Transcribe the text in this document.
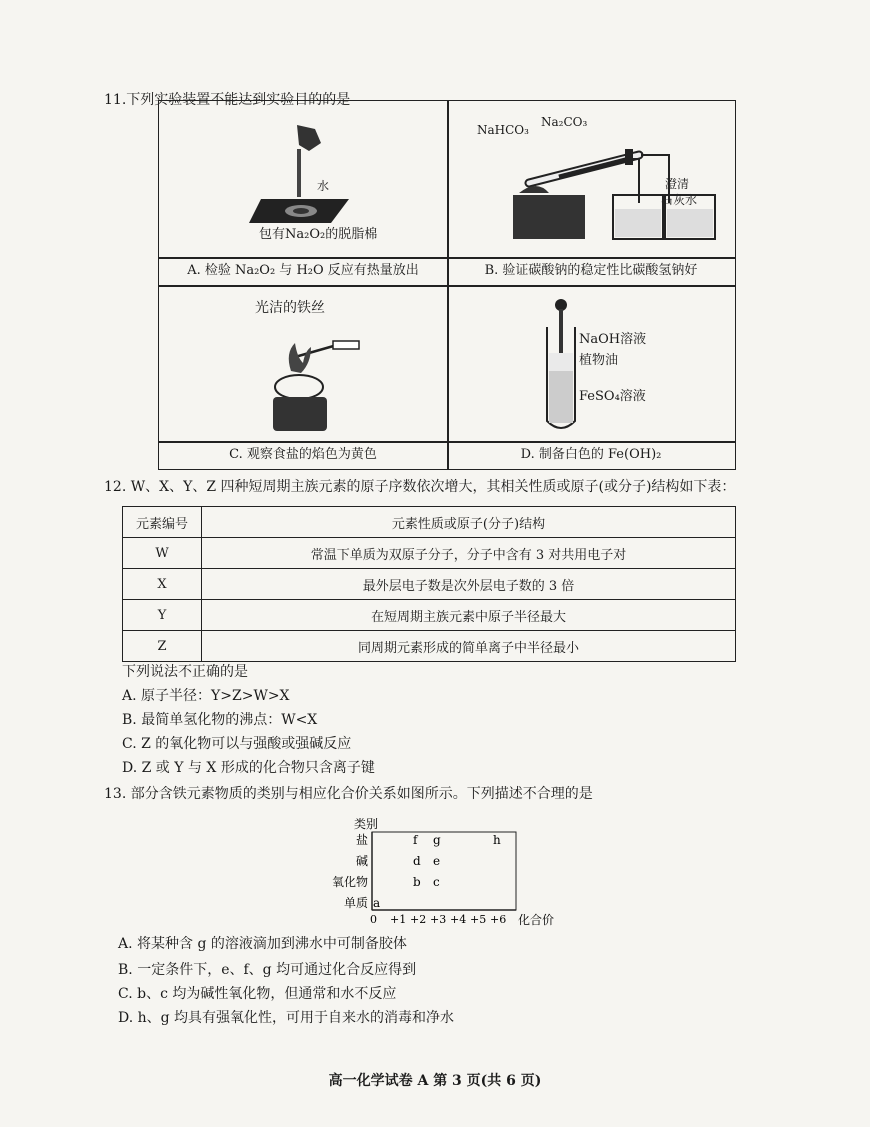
11.下列实验装置不能达到实验目的的是
水
包有Na₂O₂的脱脂棉
NaHCO₃
Na₂CO₃
澄清
石灰水
A. 检验 Na₂O₂ 与 H₂O 反应有热量放出	B. 验证碳酸钠的稳定性比碳酸氢钠好
光洁的铁丝
NaOH溶液
植物油
FeSO₄溶液
C. 观察食盐的焰色为黄色	D. 制备白色的 Fe(OH)₂
12. W、X、Y、Z 四种短周期主族元素的原子序数依次增大，其相关性质或原子(或分子)结构如下表：
元素编号	元素性质或原子(分子)结构
W	常温下单质为双原子分子，分子中含有 3 对共用电子对
X	最外层电子数是次外层电子数的 3 倍
Y	在短周期主族元素中原子半径最大
Z	同周期元素形成的简单离子中半径最小
下列说法不正确的是
A. 原子半径：Y>Z>W>X
B. 最简单氢化物的沸点：W<X
C. Z 的氧化物可以与强酸或强碱反应
D. Z 或 Y 与 X 形成的化合物只含离子键
13. 部分含铁元素物质的类别与相应化合价关系如图所示。下列描述不合理的是
类别
化合价
0 +1 +2 +3 +4 +5 +6
单质
氧化物
碱
盐
a
b c
d e
f g	h
A. 将某种含 g 的溶液滴加到沸水中可制备胶体
B. 一定条件下，e、f、g 均可通过化合反应得到
C. b、c 均为碱性氧化物，但通常和水不反应
D. h、g 均具有强氧化性，可用于自来水的消毒和净水
高一化学试卷 A 第 3 页(共 6 页)
